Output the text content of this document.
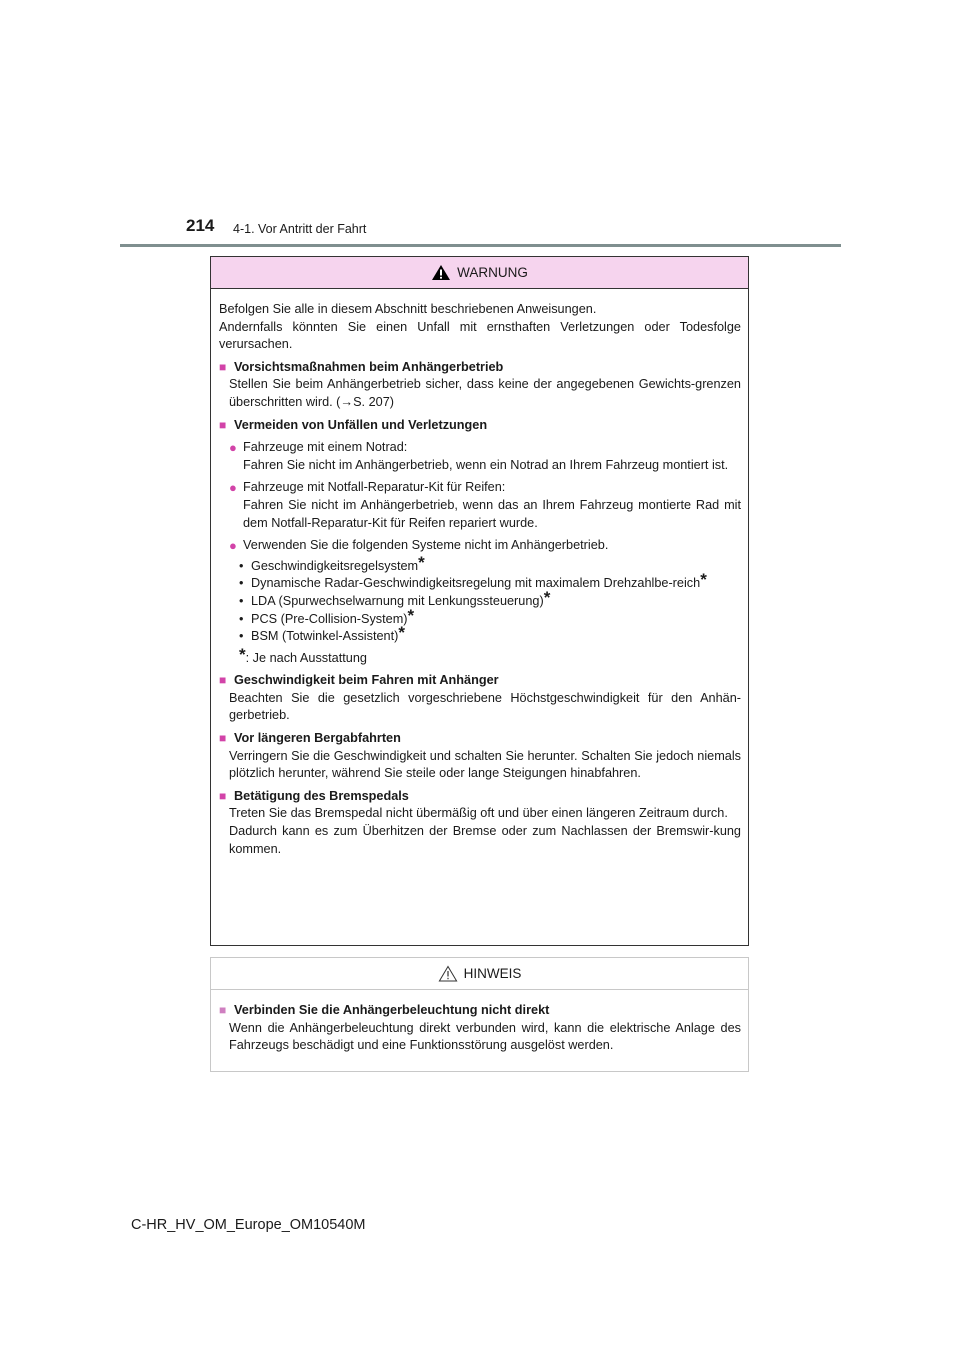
214 4-1. Vor Antritt der Fahrt
WARNUNG

Befolgen Sie alle in diesem Abschnitt beschriebenen Anweisungen.

Andernfalls könnten Sie einen Unfall mit ernsthaften Verletzungen oder Todesfolge verursachen.

■ Vorsichtsmaßnahmen beim Anhängerbetrieb

Stellen Sie beim Anhängerbetrieb sicher, dass keine der angegebenen Gewichts-grenzen überschritten wird. (→S. 207)

■ Vermeiden von Unfällen und Verletzungen
● Fahrzeuge mit einem Notrad:

Fahren Sie nicht im Anhängerbetrieb, wenn ein Notrad an Ihrem Fahrzeug montiert ist.

● Fahrzeuge mit Notfall-Reparatur-Kit für Reifen:

Fahren Sie nicht im Anhängerbetrieb, wenn das an Ihrem Fahrzeug montierte Rad mit dem Notfall-Reparatur-Kit für Reifen repariert wurde.

● Verwenden Sie die folgenden Systeme nicht im Anhängerbetrieb.

• Geschwindigkeitsregelsystem*
• Dynamische Radar-Geschwindigkeitsregelung mit maximalem Drehzahlbe-reich*
• LDA (Spurwechselwarnung mit Lenkungssteuerung)*
• PCS (Pre-Collision-System)*
• BSM (Totwinkel-Assistent)*

*: Je nach Ausstattung

■ Geschwindigkeit beim Fahren mit Anhänger

Beachten Sie die gesetzlich vorgeschriebene Höchstgeschwindigkeit für den Anhän-gerbetrieb.

■ Vor längeren Bergabfahrten

Verringern Sie die Geschwindigkeit und schalten Sie herunter. Schalten Sie jedoch niemals plötzlich herunter, während Sie steile oder lange Steigungen hinabfahren.

■ Betätigung des Bremspedals

Treten Sie das Bremspedal nicht übermäßig oft und über einen längeren Zeitraum durch.

Dadurch kann es zum Überhitzen der Bremse oder zum Nachlassen der Bremswir-kung kommen.

HINWEIS
■ Verbinden Sie die Anhängerbeleuchtung nicht direkt

Wenn die Anhängerbeleuchtung direkt verbunden wird, kann die elektrische Anlage des Fahrzeugs beschädigt und eine Funktionsstörung ausgelöst werden.

C-HR_HV_OM_Europe_OM10540M
